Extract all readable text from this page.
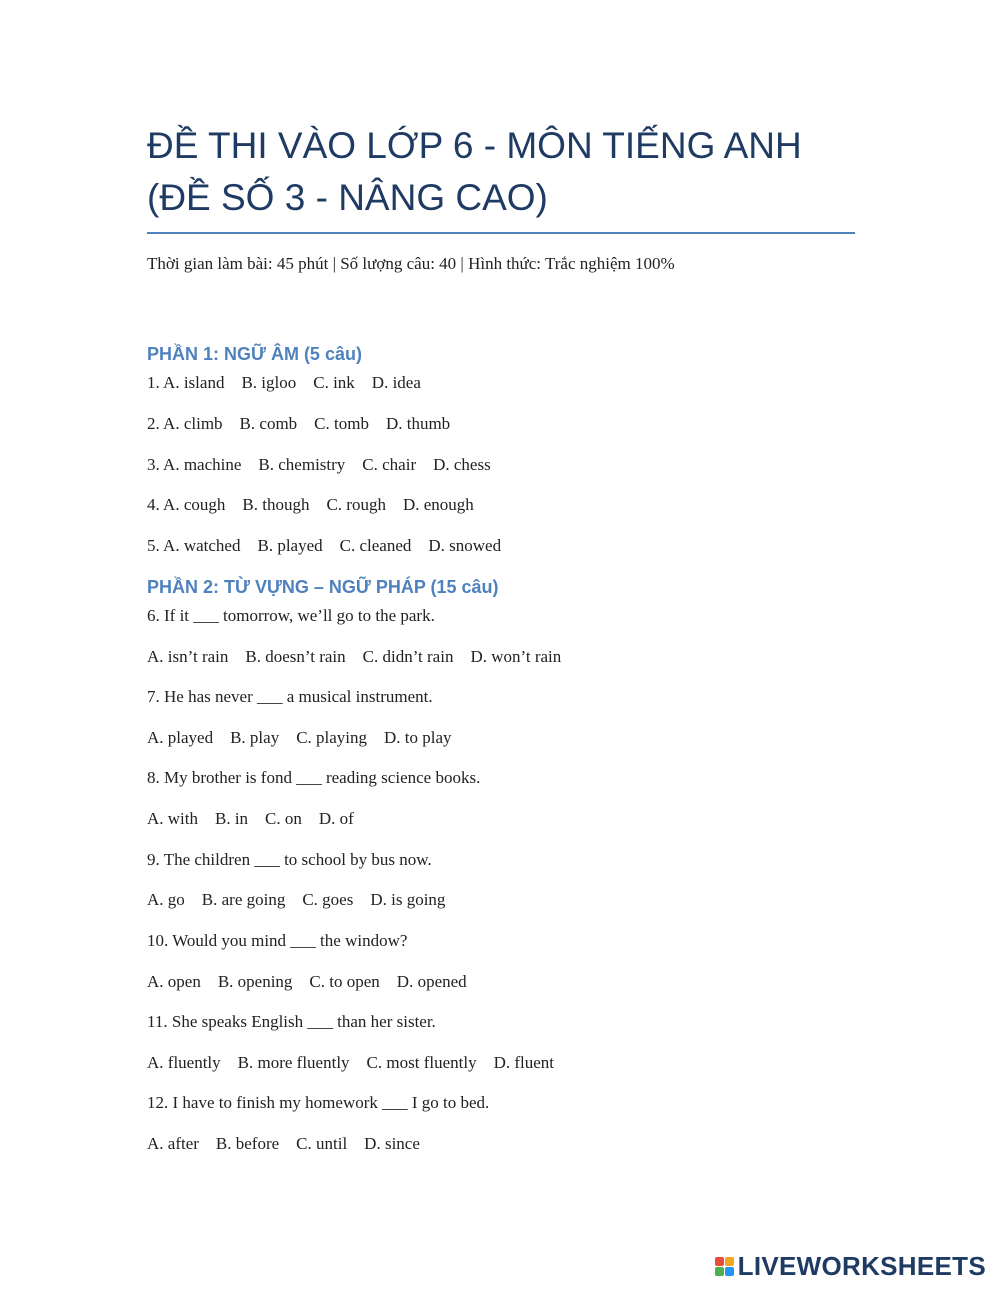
ĐỀ THI VÀO LỚP 6 - MÔN TIẾNG ANH
(ĐỀ SỐ 3 - NÂNG CAO)
Thời gian làm bài: 45 phút | Số lượng câu: 40 | Hình thức: Trắc nghiệm 100%
PHẦN 1: NGỮ ÂM (5 câu)
1. A. island    B. igloo    C. ink    D. idea
2. A. climb    B. comb    C. tomb    D. thumb
3. A. machine    B. chemistry    C. chair    D. chess
4. A. cough    B. though    C. rough    D. enough
5. A. watched    B. played    C. cleaned    D. snowed
PHẦN 2: TỪ VỰNG – NGỮ PHÁP (15 câu)
6. If it ___ tomorrow, we’ll go to the park.
A. isn’t rain    B. doesn’t rain    C. didn’t rain    D. won’t rain
7. He has never ___ a musical instrument.
A. played    B. play    C. playing    D. to play
8. My brother is fond ___ reading science books.
A. with    B. in    C. on    D. of
9. The children ___ to school by bus now.
A. go    B. are going    C. goes    D. is going
10. Would you mind ___ the window?
A. open    B. opening    C. to open    D. opened
11. She speaks English ___ than her sister.
A. fluently    B. more fluently    C. most fluently    D. fluent
12. I have to finish my homework ___ I go to bed.
A. after    B. before    C. until    D. since
LIVEWORKSHEETS
